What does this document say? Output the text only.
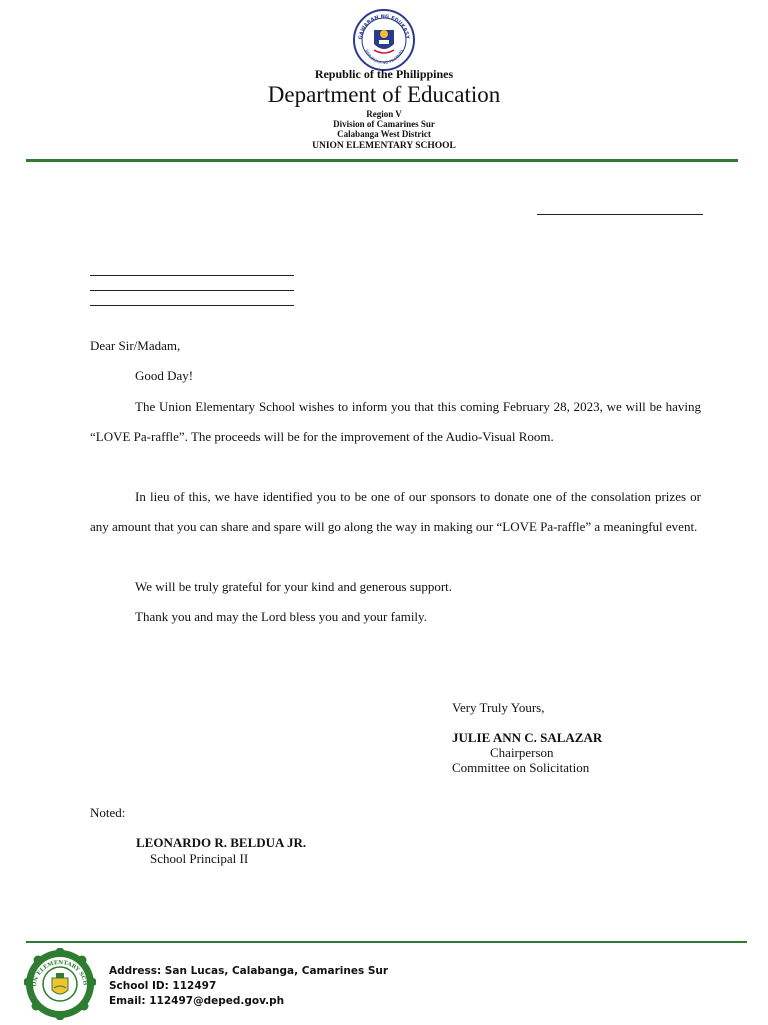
GAWARAN NG EDUKASY
REPUBLIKA NG PILIPINAS
Republic of the Philippines
Department of Education
Region V
Division of Camarines Sur
Calabanga West District
UNION ELEMENTARY SCHOOL
Dear Sir/Madam,
Good Day!
The Union Elementary School wishes to inform you that this coming February 28, 2023, we will be having “LOVE Pa-raffle”. The proceeds will be for the improvement of the Audio-Visual Room.
In lieu of this, we have identified you to be one of our sponsors to donate one of the consolation prizes or any amount that you can share and spare will go along the way in making our “LOVE Pa-raffle” a meaningful event.
We will be truly grateful for your kind and generous support.
Thank you and may the Lord bless you and your family.
Very Truly Yours,
JULIE ANN C. SALAZAR
Chairperson
Committee on Solicitation
Noted:
LEONARDO R. BELDUA JR.
School Principal II
ON ELEMENTARY SCH
Address: San Lucas, Calabanga, Camarines Sur
School ID: 112497
Email: 112497@deped.gov.ph
